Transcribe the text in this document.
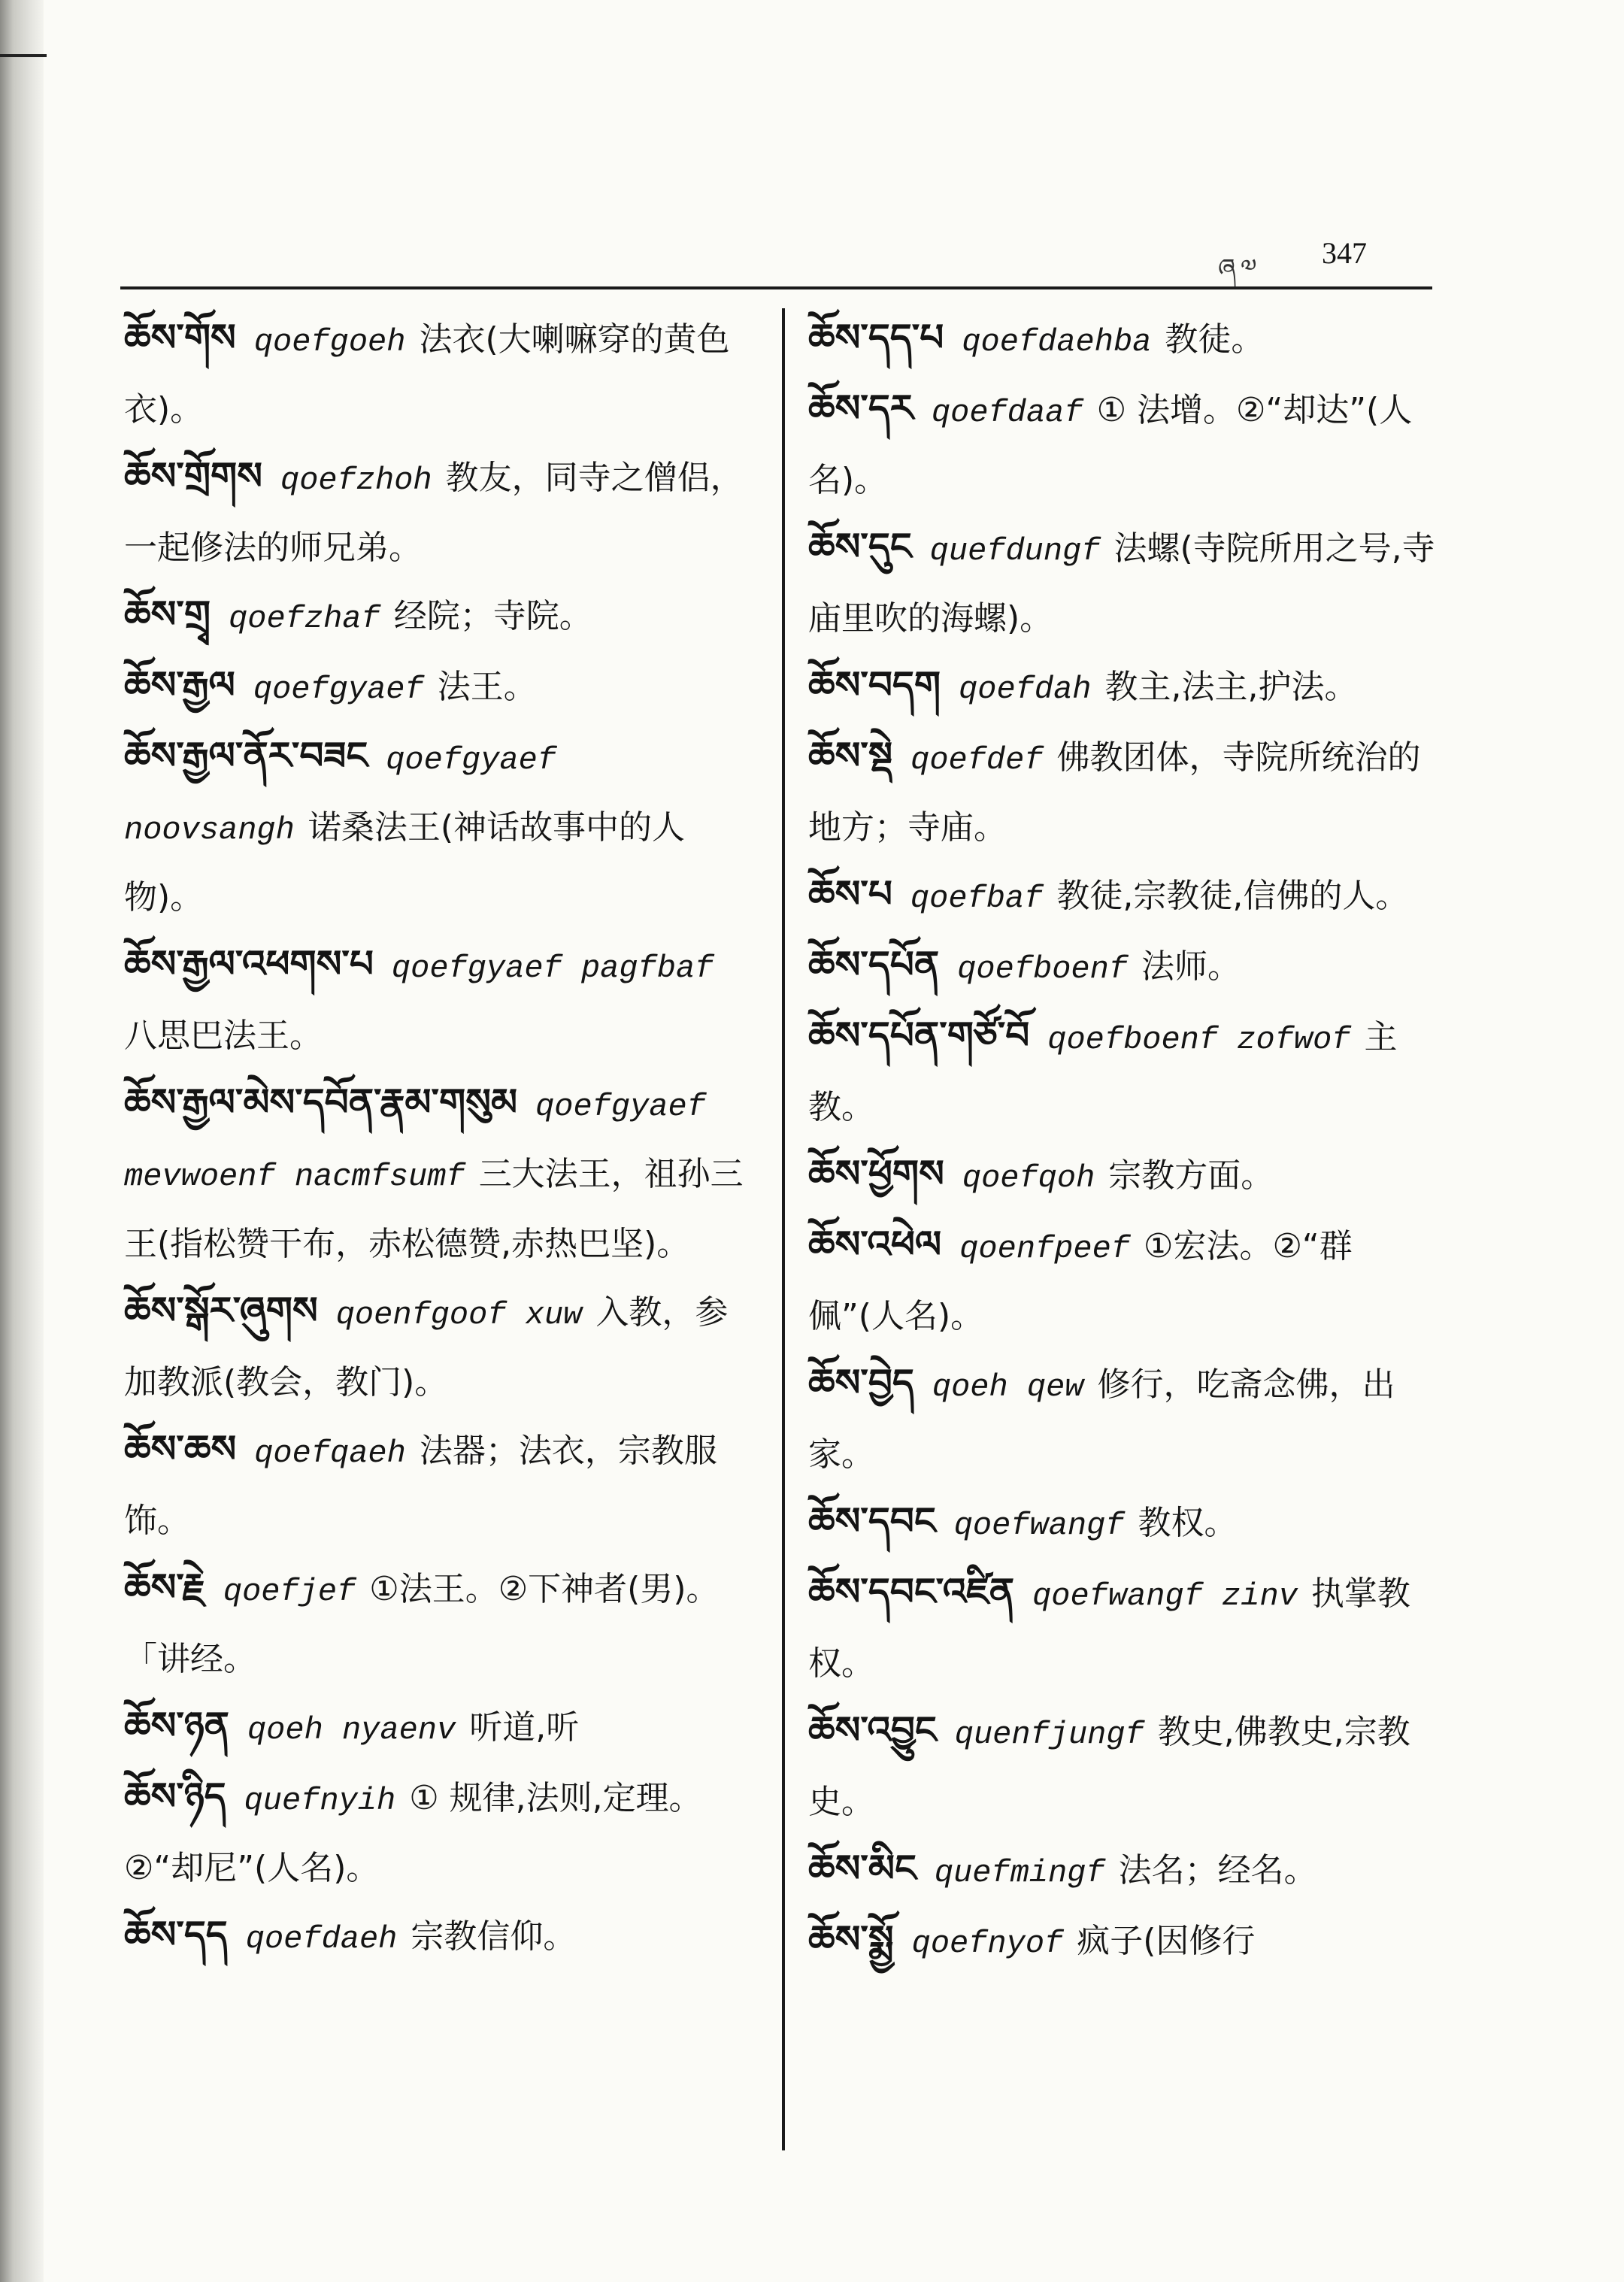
ཞ༧ 347

ཆོས་གོས qoefgoeh 法衣(大喇嘛穿的黄色衣)。

ཆོས་གྲོགས qoefzhoh 教友，同寺之僧侣，一起修法的师兄弟。

ཆོས་གྲྭ qoefzhaf 经院；寺院。

ཆོས་རྒྱལ qoefgyaef 法王。

ཆོས་རྒྱལ་ནོར་བཟང qoefgyaef noovsangh 诺桑法王(神话故事中的人物)。

ཆོས་རྒྱལ་འཕགས་པ qoefgyaef pagfbaf八思巴法王。

ཆོས་རྒྱལ་མེས་དབོན་རྣམ་གསུམ qoefgyaef mevwoenf nacmfsumf 三大法王，祖孙三王(指松赞干布，赤松德赞,赤热巴坚)。

ཆོས་སྒོར་ཞུགས qoenfgoof xuw 入教，参加教派(教会，教门)。

ཆོས་ཆས qoefqaeh 法器；法衣，宗教服饰。

ཆོས་རྗེ qoefjef ①法王。②下神者(男)。「讲经。

ཆོས་ཉན qoeh nyaenv 听道,听

ཆོས་ཉིད quefnyih ① 规律,法则,定理。②“却尼”(人名)。

ཆོས་དད qoefdaeh 宗教信仰。

ཆོས་དད་པ qoefdaehba 教徒。

ཆོས་དར qoefdaaf ① 法增。②“却达”(人名)。

ཆོས་དུང quefdungf 法螺(寺院所用之号,寺庙里吹的海螺)。

ཆོས་བདག qoefdah 教主,法主,护法。

ཆོས་སྡེ qoefdef 佛教团体，寺院所统治的地方；寺庙。

ཆོས་པ qoefbaf 教徒,宗教徒,信佛的人。

ཆོས་དཔོན qoefboenf 法师。

ཆོས་དཔོན་གཙོ་བོ qoefboenf zofwof 主教。

ཆོས་ཕྱོགས qoefqoh 宗教方面。

ཆོས་འཕེལ qoenfpeef ①宏法。②“群佩”(人名)。

ཆོས་བྱེད qoeh qew 修行，吃斋念佛，出家。

ཆོས་དབང qoefwangf 教权。

ཆོས་དབང་འཛིན qoefwangf zinv 执掌教权。

ཆོས་འབྱུང quenfjungf 教史,佛教史,宗教史。

ཆོས་མིང quefmingf 法名；经名。

ཆོས་སྨྱོ qoefnyof 疯子(因修行
